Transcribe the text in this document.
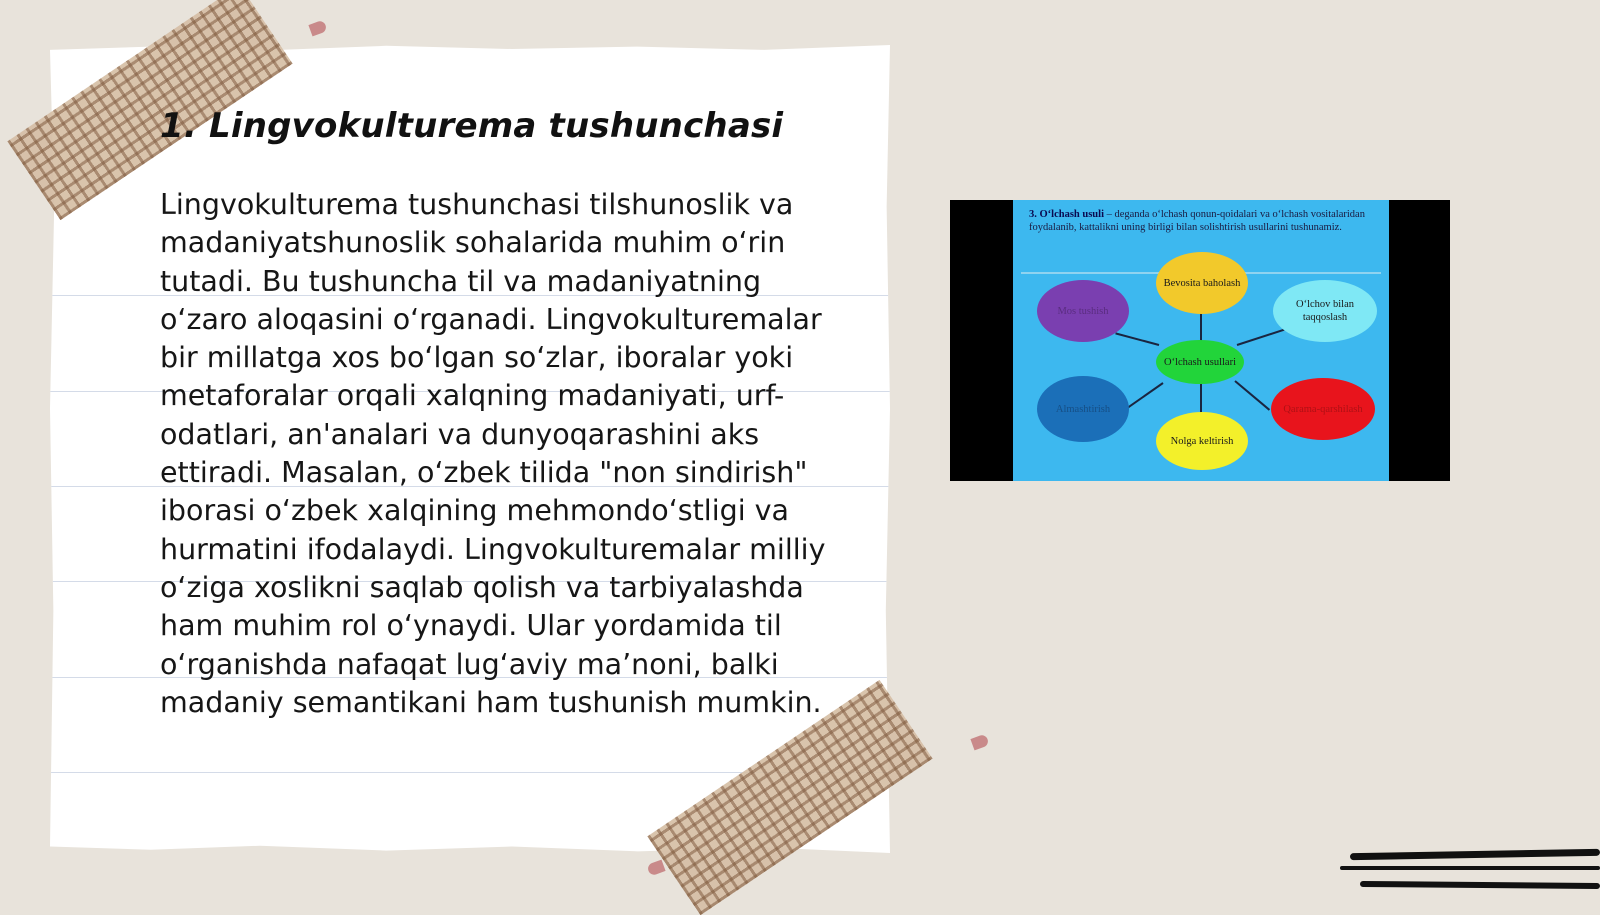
1. Lingvokulturema tushunchasi

Lingvokulturema tushunchasi tilshunoslik va madaniyatshunoslik sohalarida muhim o‘rin tutadi. Bu tushuncha til va madaniyatning o‘zaro aloqasini o‘rganadi. Lingvokulturemalar bir millatga xos bo‘lgan so‘zlar, iboralar yoki metaforalar orqali xalqning madaniyati, urf-odatlari, an'analari va dunyoqarashini aks ettiradi. Masalan, o‘zbek tilida "non sindirish" iborasi o‘zbek xalqining mehmondo‘stligi va hurmatini ifodalaydi. Lingvokulturemalar milliy o‘ziga xoslikni saqlab qolish va tarbiyalashda ham muhim rol o‘ynaydi. Ular yordamida til o‘rganishda nafaqat lug‘aviy ma’noni, balki madaniy semantikani ham tushunish mumkin.

3. O‘lchash usuli – deganda o‘lchash qonun-qoidalari va o‘lchash vositalaridan foydalanib, kattalikni uning birligi bilan solishtirish usullarini tushunamiz.

O‘lchash usullari
Bevosita baholash
Mos tushish
O‘lchov bilan taqqoslash
Almashtirish
Nolga keltirish
Qarama-qarshilash
